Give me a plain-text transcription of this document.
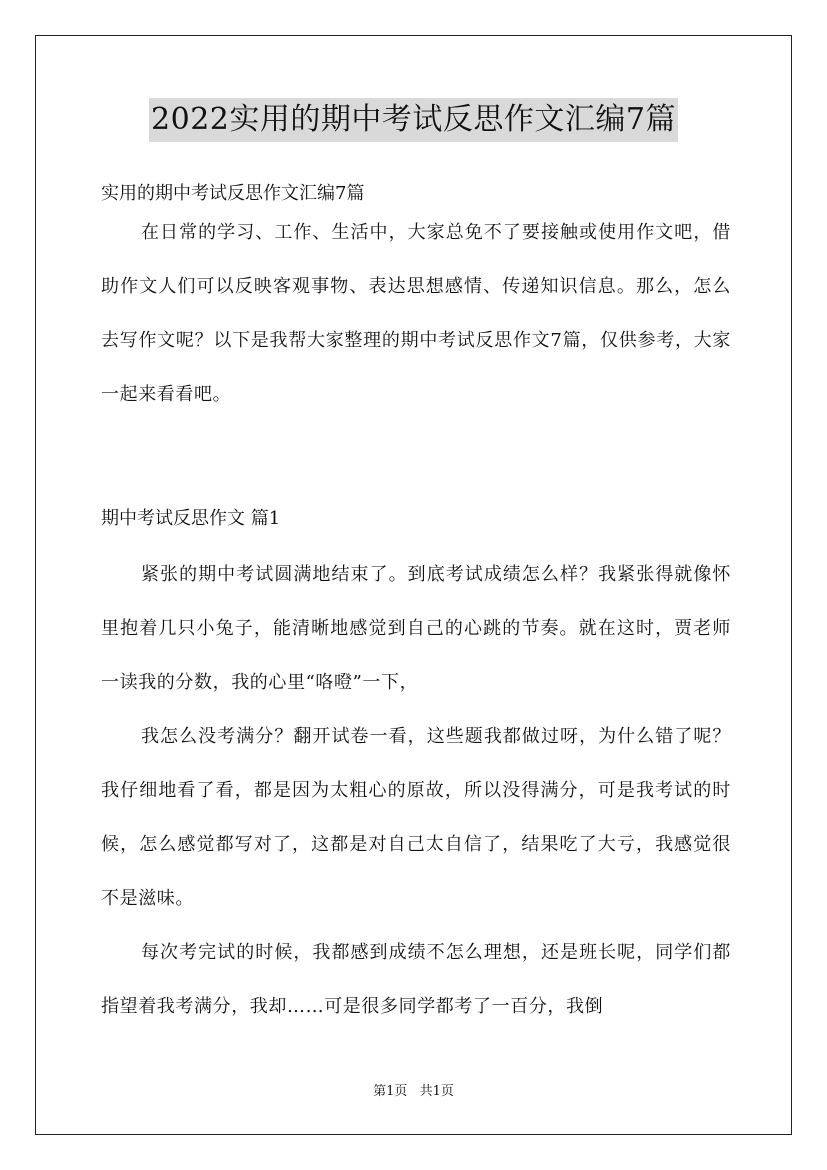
2022实用的期中考试反思作文汇编7篇

实用的期中考试反思作文汇编7篇

在日常的学习、工作、生活中，大家总免不了要接触或使用作文吧，借助作文人们可以反映客观事物、表达思想感情、传递知识信息。那么，怎么去写作文呢？以下是我帮大家整理的期中考试反思作文7篇，仅供参考，大家一起来看看吧。

期中考试反思作文 篇1

紧张的期中考试圆满地结束了。到底考试成绩怎么样？我紧张得就像怀里抱着几只小兔子，能清晰地感觉到自己的心跳的节奏。就在这时，贾老师一读我的分数，我的心里“咯噔”一下，

我怎么没考满分？翻开试卷一看，这些题我都做过呀，为什么错了呢？我仔细地看了看，都是因为太粗心的原故，所以没得满分，可是我考试的时候，怎么感觉都写对了，这都是对自己太自信了，结果吃了大亏，我感觉很不是滋味。

每次考完试的时候，我都感到成绩不怎么理想，还是班长呢，同学们都指望着我考满分，我却……可是很多同学都考了一百分，我倒

第1页 共1页
